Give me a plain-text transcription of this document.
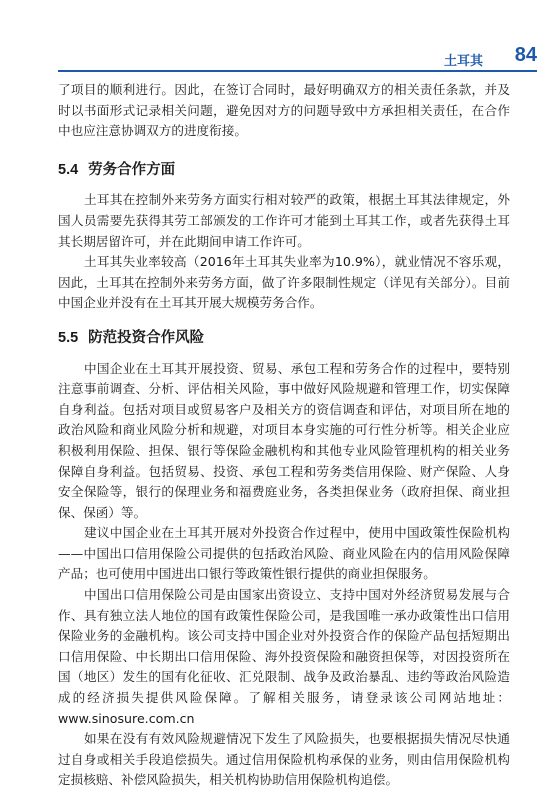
土耳其 84

了项目的顺利进行。因此，在签订合同时，最好明确双方的相关责任条款，并及时以书面形式记录相关问题，避免因对方的问题导致中方承担相关责任，在合作中也应注意协调双方的进度衔接。

5.4 劳务合作方面

土耳其在控制外来劳务方面实行相对较严的政策，根据土耳其法律规定，外国人员需要先获得其劳工部颁发的工作许可才能到土耳其工作，或者先获得土耳其长期居留许可，并在此期间申请工作许可。

土耳其失业率较高（2016年土耳其失业率为10.9%），就业情况不容乐观，因此，土耳其在控制外来劳务方面，做了许多限制性规定（详见有关部分）。目前中国企业并没有在土耳其开展大规模劳务合作。

5.5 防范投资合作风险

中国企业在土耳其开展投资、贸易、承包工程和劳务合作的过程中，要特别注意事前调查、分析、评估相关风险，事中做好风险规避和管理工作，切实保障自身利益。包括对项目或贸易客户及相关方的资信调查和评估，对项目所在地的政治风险和商业风险分析和规避，对项目本身实施的可行性分析等。相关企业应积极利用保险、担保、银行等保险金融机构和其他专业风险管理机构的相关业务保障自身利益。包括贸易、投资、承包工程和劳务类信用保险、财产保险、人身安全保险等，银行的保理业务和福费庭业务，各类担保业务（政府担保、商业担保、保函）等。

建议中国企业在土耳其开展对外投资合作过程中，使用中国政策性保险机构——中国出口信用保险公司提供的包括政治风险、商业风险在内的信用风险保障产品；也可使用中国进出口银行等政策性银行提供的商业担保服务。

中国出口信用保险公司是由国家出资设立、支持中国对外经济贸易发展与合作、具有独立法人地位的国有政策性保险公司，是我国唯一承办政策性出口信用保险业务的金融机构。该公司支持中国企业对外投资合作的保险产品包括短期出口信用保险、中长期出口信用保险、海外投资保险和融资担保等，对因投资所在国（地区）发生的国有化征收、汇兑限制、战争及政治暴乱、违约等政治风险造成的经济损失提供风险保障。了解相关服务，请登录该公司网站地址：www.sinosure.com.cn

如果在没有有效风险规避情况下发生了风险损失，也要根据损失情况尽快通过自身或相关手段追偿损失。通过信用保险机构承保的业务，则由信用保险机构定损核赔、补偿风险损失，相关机构协助信用保险机构追偿。
